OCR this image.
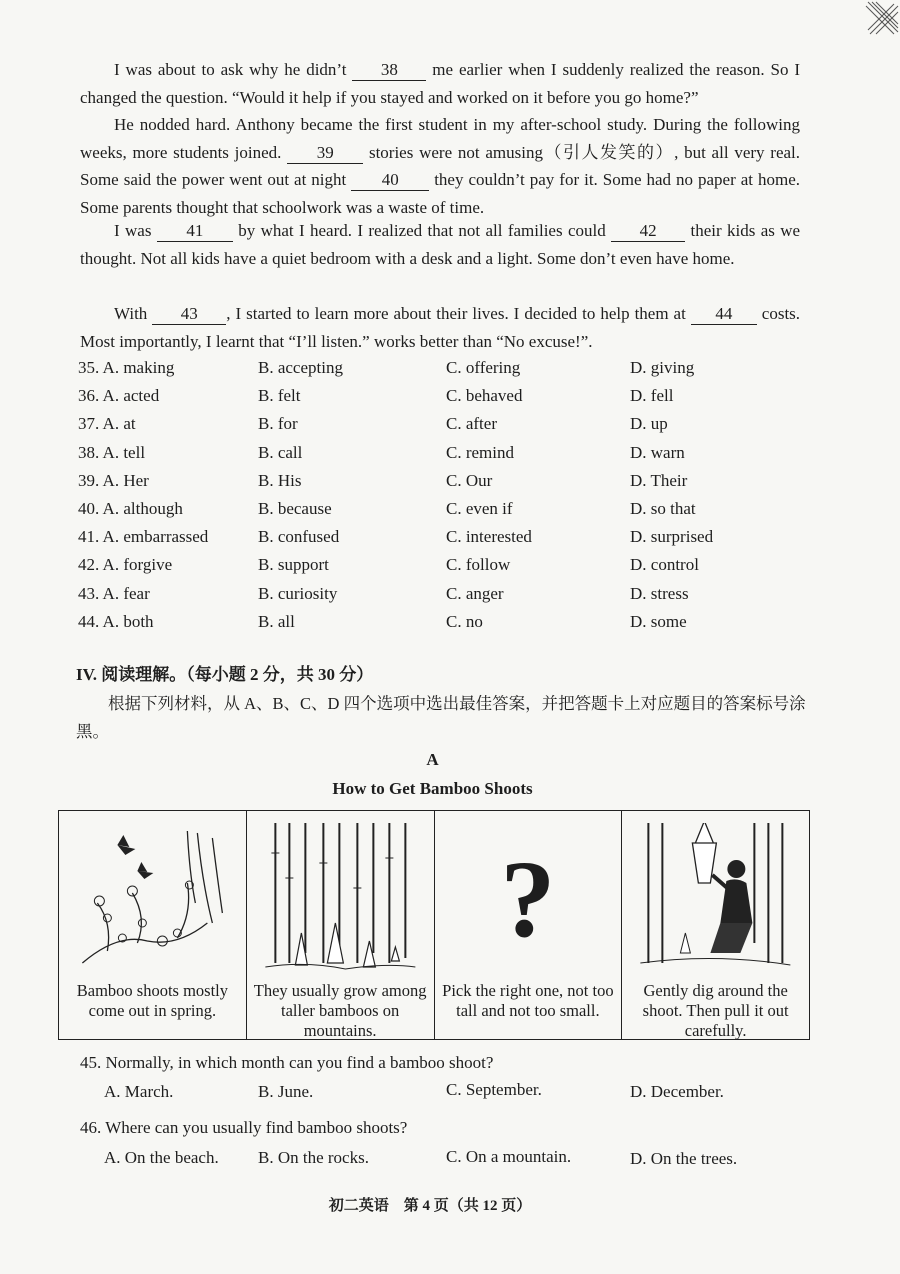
I was about to ask why he didn’t 38 me earlier when I suddenly realized the reason. So I changed the question. “Would it help if you stayed and worked on it before you go home?”
He nodded hard. Anthony became the first student in my after-school study. During the following weeks, more students joined. 39 stories were not amusing（引人发笑的）, but all very real. Some said the power went out at night 40 they couldn’t pay for it. Some had no paper at home. Some parents thought that schoolwork was a waste of time.
I was 41 by what I heard. I realized that not all families could 42 their kids as we thought. Not all kids have a quiet bedroom with a desk and a light. Some don’t even have home.
With 43 , I started to learn more about their lives. I decided to help them at 44 costs. Most importantly, I learnt that “I’ll listen.” works better than “No excuse!”.
35. A. making	B. accepting	C. offering	D. giving
36. A. acted	B. felt	C. behaved	D. fell
37. A. at	B. for	C. after	D. up
38. A. tell	B. call	C. remind	D. warn
39. A. Her	B. His	C. Our	D. Their
40. A. although	B. because	C. even if	D. so that
41. A. embarrassed	B. confused	C. interested	D. surprised
42. A. forgive	B. support	C. follow	D. control
43. A. fear	B. curiosity	C. anger	D. stress
44. A. both	B. all	C. no	D. some
IV. 阅读理解。（每小题 2 分，共 30 分）
根据下列材料，从 A、B、C、D 四个选项中选出最佳答案，并把答题卡上对应题目的答案标号涂黑。
A
How to Get Bamboo Shoots
Bamboo shoots mostly come out in spring.
They usually grow among taller bamboos on mountains.
?
Pick the right one, not too tall and not too small.
Gently dig around the shoot. Then pull it out carefully.
45. Normally, in which month can you find a bamboo shoot?
A. March.	B. June.	C. September.	D. December.
46. Where can you usually find bamboo shoots?
A. On the beach. B. On the rocks.	C. On a mountain.	D. On the trees.
初二英语　第 4 页（共 12 页）
